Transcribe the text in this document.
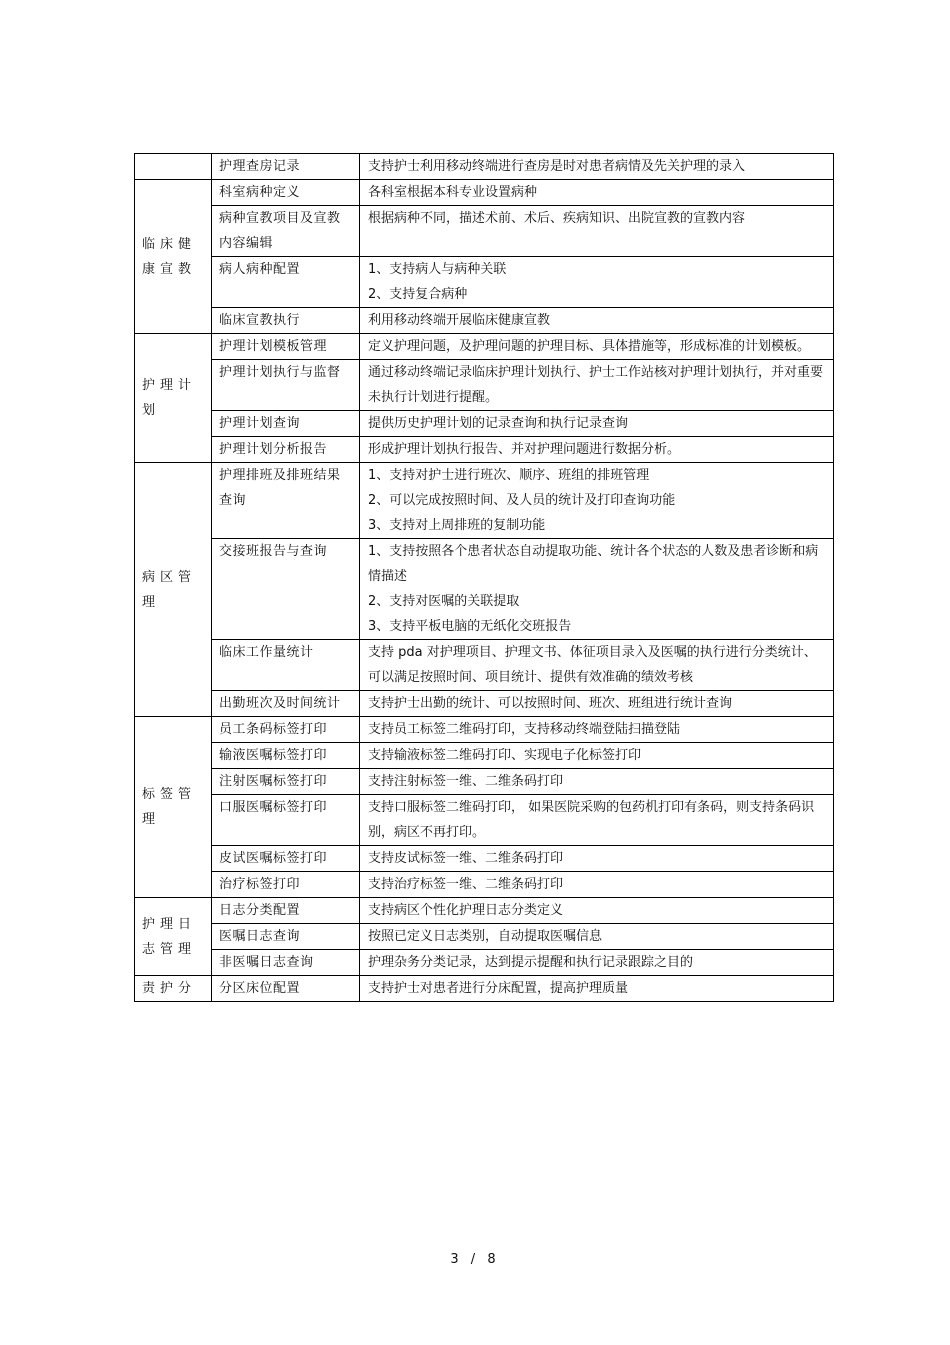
	护理查房记录	支持护士利用移动终端进行查房是时对患者病情及先关护理的录入

临床健康宣教	科室病种定义	各科室根据本科专业设置病种

	病种宣教项目及宣教内容编辑	根据病种不同，描述术前、术后、疾病知识、出院宣教的宣教内容

	病人病种配置	1、支持病人与病种关联
2、支持复合病种

	临床宣教执行	利用移动终端开展临床健康宣教

护理计划	护理计划模板管理	定义护理问题，及护理问题的护理目标、具体措施等，形成标准的计划模板。

	护理计划执行与监督	通过移动终端记录临床护理计划执行、护士工作站核对护理计划执行，并对重要未执行计划进行提醒。

	护理计划查询	提供历史护理计划的记录查询和执行记录查询

	护理计划分析报告	形成护理计划执行报告、并对护理问题进行数据分析。

病区管理	护理排班及排班结果查询	1、支持对护士进行班次、顺序、班组的排班管理
2、可以完成按照时间、及人员的统计及打印查询功能
3、支持对上周排班的复制功能

	交接班报告与查询	1、支持按照各个患者状态自动提取功能、统计各个状态的人数及患者诊断和病情描述
2、支持对医嘱的关联提取
3、支持平板电脑的无纸化交班报告

	临床工作量统计	支持 pda 对护理项目、护理文书、体征项目录入及医嘱的执行进行分类统计、可以满足按照时间、项目统计、提供有效准确的绩效考核

	出勤班次及时间统计	支持护士出勤的统计、可以按照时间、班次、班组进行统计查询

标签管理	员工条码标签打印	支持员工标签二维码打印，支持移动终端登陆扫描登陆

	输液医嘱标签打印	支持输液标签二维码打印、实现电子化标签打印

	注射医嘱标签打印	支持注射标签一维、二维条码打印

	口服医嘱标签打印	支持口服标签二维码打印， 如果医院采购的包药机打印有条码，则支持条码识别，病区不再打印。

	皮试医嘱标签打印	支持皮试标签一维、二维条码打印

	治疗标签打印	支持治疗标签一维、二维条码打印

护理日志管理	日志分类配置	支持病区个性化护理日志分类定义

	医嘱日志查询	按照已定义日志类别，自动提取医嘱信息

	非医嘱日志查询	护理杂务分类记录，达到提示提醒和执行记录跟踪之目的

责护分	分区床位配置	支持护士对患者进行分床配置，提高护理质量
3 / 8
